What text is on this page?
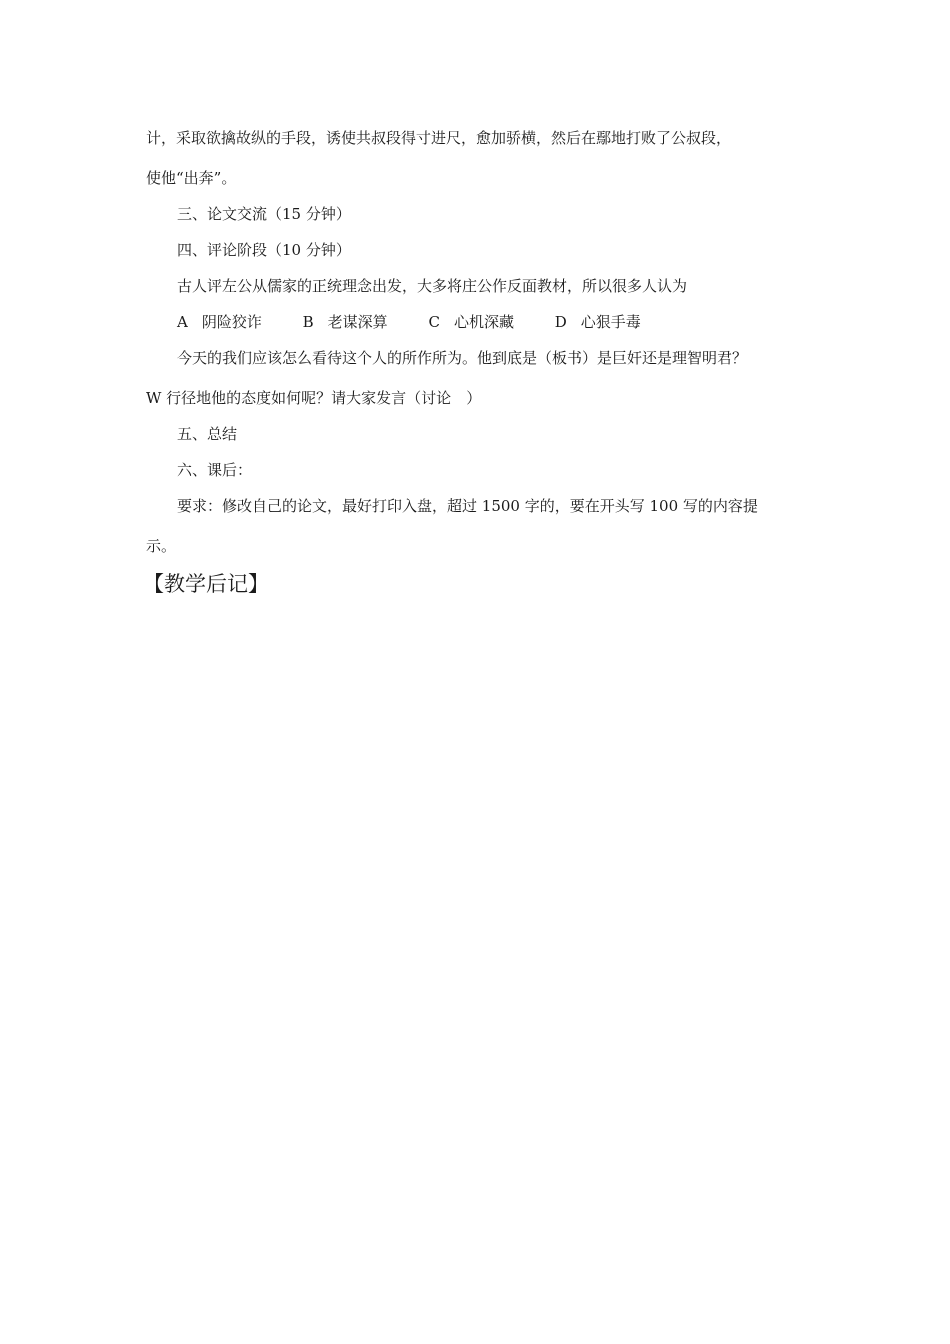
计，采取欲擒故纵的手段，诱使共叔段得寸进尺，愈加骄横，然后在鄢地打败了公叔段，
使他“出奔”。
三、论文交流（15 分钟）
四、评论阶段（10 分钟）
古人评左公从儒家的正统理念出发，大多将庄公作反面教材，所以很多人认为
A 阴险狡诈	B 老谋深算	C 心机深藏	D 心狠手毒
今天的我们应该怎么看待这个人的所作所为。他到底是（板书）是巨奸还是理智明君？
W 行径地他的态度如何呢？请大家发言（讨论　）
五、总结
六、课后：
要求：修改自己的论文，最好打印入盘，超过 1500 字的，要在开头写 100 写的内容提
示。
【教学后记】
